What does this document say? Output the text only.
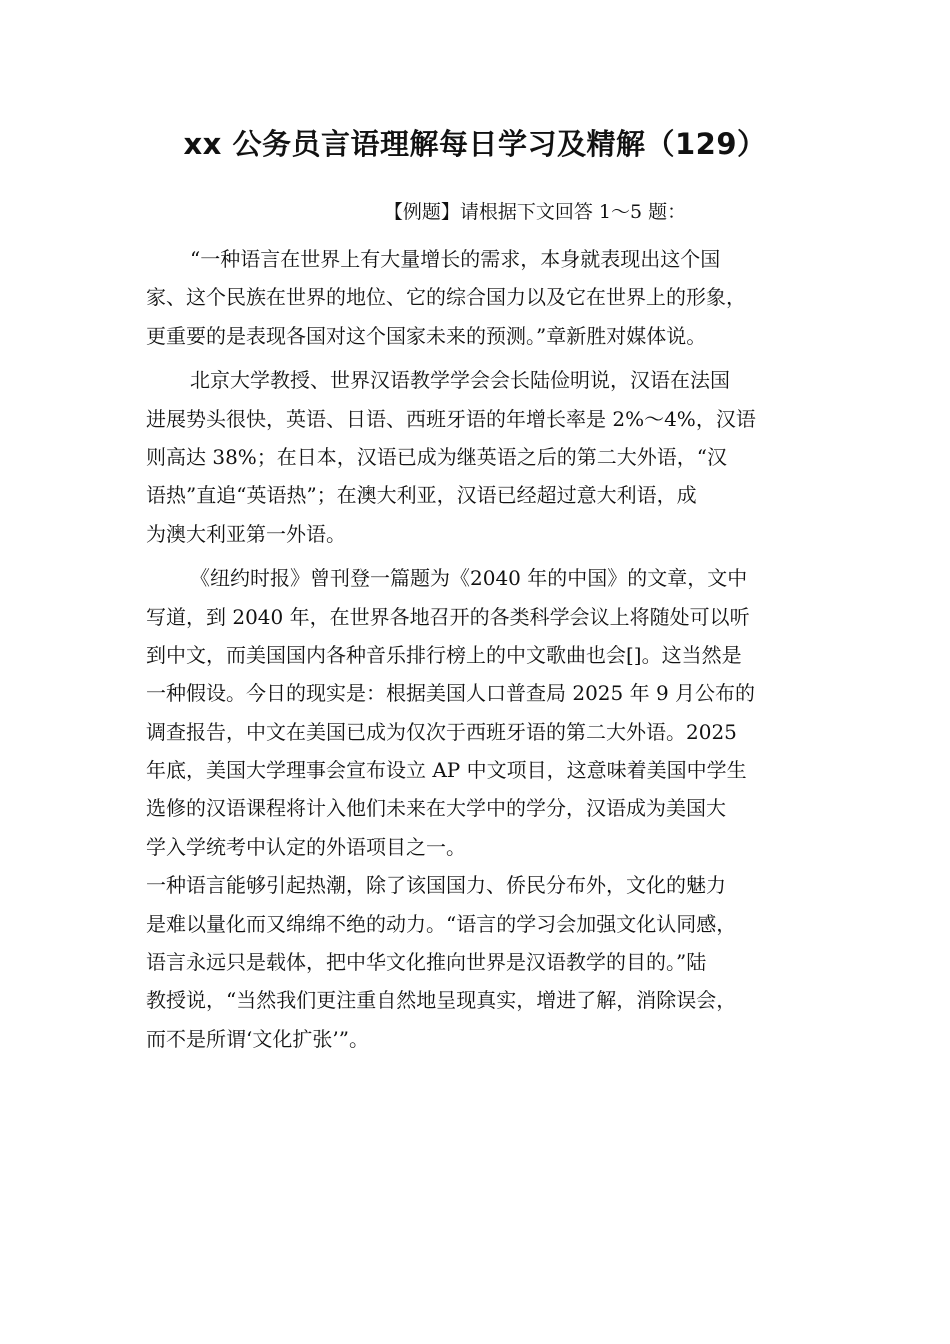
xx 公务员言语理解每日学习及精解（129）
【例题】请根据下文回答 1～5 题：
“一种语言在世界上有大量增长的需求，本身就表现出这个国
家、这个民族在世界的地位、它的综合国力以及它在世界上的形象，
更重要的是表现各国对这个国家未来的预测。”章新胜对媒体说。
北京大学教授、世界汉语教学学会会长陆俭明说，汉语在法国
进展势头很快，英语、日语、西班牙语的年增长率是 2%～4%，汉语
则高达 38%；在日本，汉语已成为继英语之后的第二大外语，“汉
语热”直追“英语热”；在澳大利亚，汉语已经超过意大利语，成
为澳大利亚第一外语。
《纽约时报》曾刊登一篇题为《2040 年的中国》的文章，文中
写道，到 2040 年，在世界各地召开的各类科学会议上将随处可以听
到中文，而美国国内各种音乐排行榜上的中文歌曲也会[]。这当然是
一种假设。今日的现实是：根据美国人口普查局 2025 年 9 月公布的
调查报告，中文在美国已成为仅次于西班牙语的第二大外语。2025
年底，美国大学理事会宣布设立 AP 中文项目，这意味着美国中学生
选修的汉语课程将计入他们未来在大学中的学分，汉语成为美国大
学入学统考中认定的外语项目之一。
一种语言能够引起热潮，除了该国国力、侨民分布外，文化的魅力
是难以量化而又绵绵不绝的动力。“语言的学习会加强文化认同感，
语言永远只是载体，把中华文化推向世界是汉语教学的目的。”陆
教授说，“当然我们更注重自然地呈现真实，增进了解，消除误会，
而不是所谓‘文化扩张’”。
